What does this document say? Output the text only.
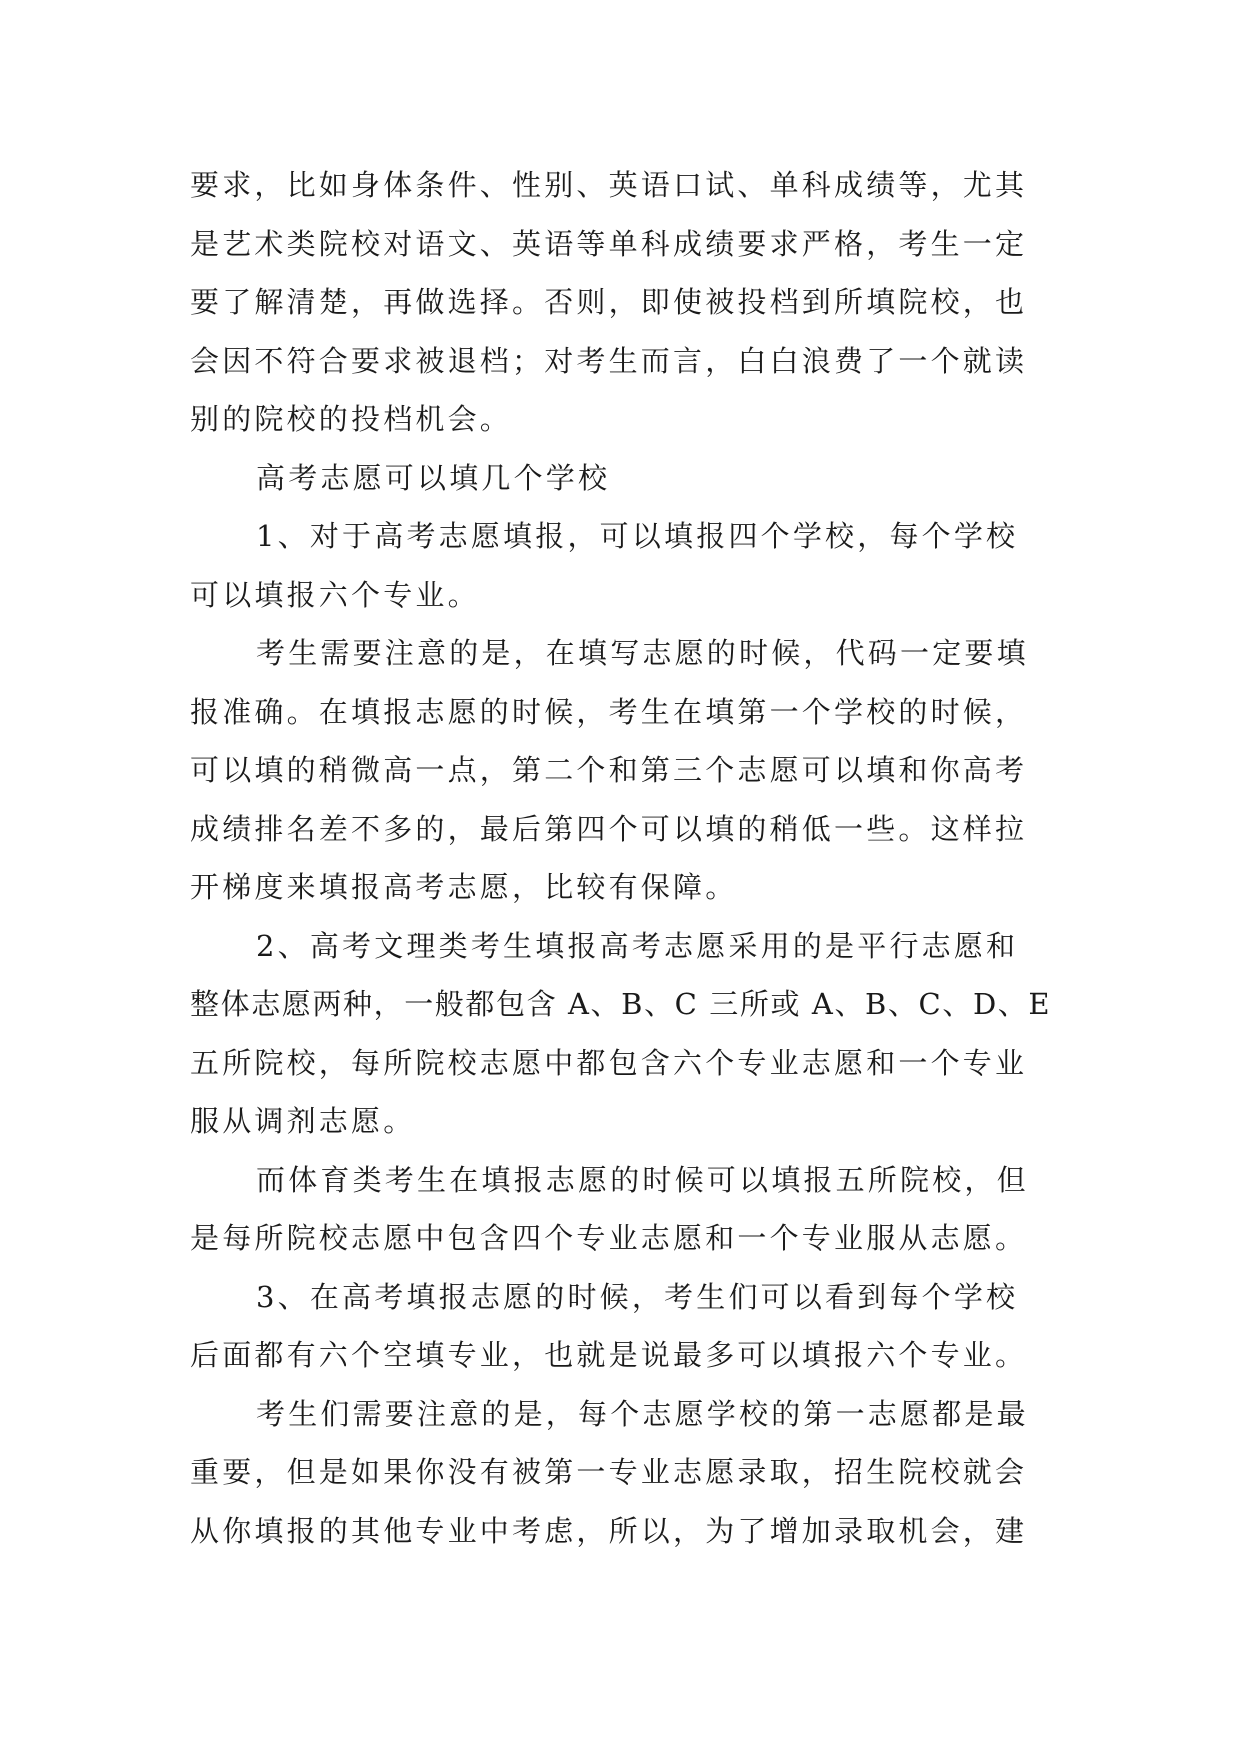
要求，比如身体条件、性别、英语口试、单科成绩等，尤其
是艺术类院校对语文、英语等单科成绩要求严格，考生一定
要了解清楚，再做选择。否则，即使被投档到所填院校，也
会因不符合要求被退档；对考生而言，白白浪费了一个就读
别的院校的投档机会。
高考志愿可以填几个学校
1、对于高考志愿填报，可以填报四个学校，每个学校
可以填报六个专业。
考生需要注意的是，在填写志愿的时候，代码一定要填
报准确。在填报志愿的时候，考生在填第一个学校的时候，
可以填的稍微高一点，第二个和第三个志愿可以填和你高考
成绩排名差不多的，最后第四个可以填的稍低一些。这样拉
开梯度来填报高考志愿，比较有保障。
2、高考文理类考生填报高考志愿采用的是平行志愿和
整体志愿两种，一般都包含 A、B、C 三所或 A、B、C、D、E
五所院校，每所院校志愿中都包含六个专业志愿和一个专业
服从调剂志愿。
而体育类考生在填报志愿的时候可以填报五所院校，但
是每所院校志愿中包含四个专业志愿和一个专业服从志愿。
3、在高考填报志愿的时候，考生们可以看到每个学校
后面都有六个空填专业，也就是说最多可以填报六个专业。
考生们需要注意的是，每个志愿学校的第一志愿都是最
重要，但是如果你没有被第一专业志愿录取，招生院校就会
从你填报的其他专业中考虑，所以，为了增加录取机会，建
